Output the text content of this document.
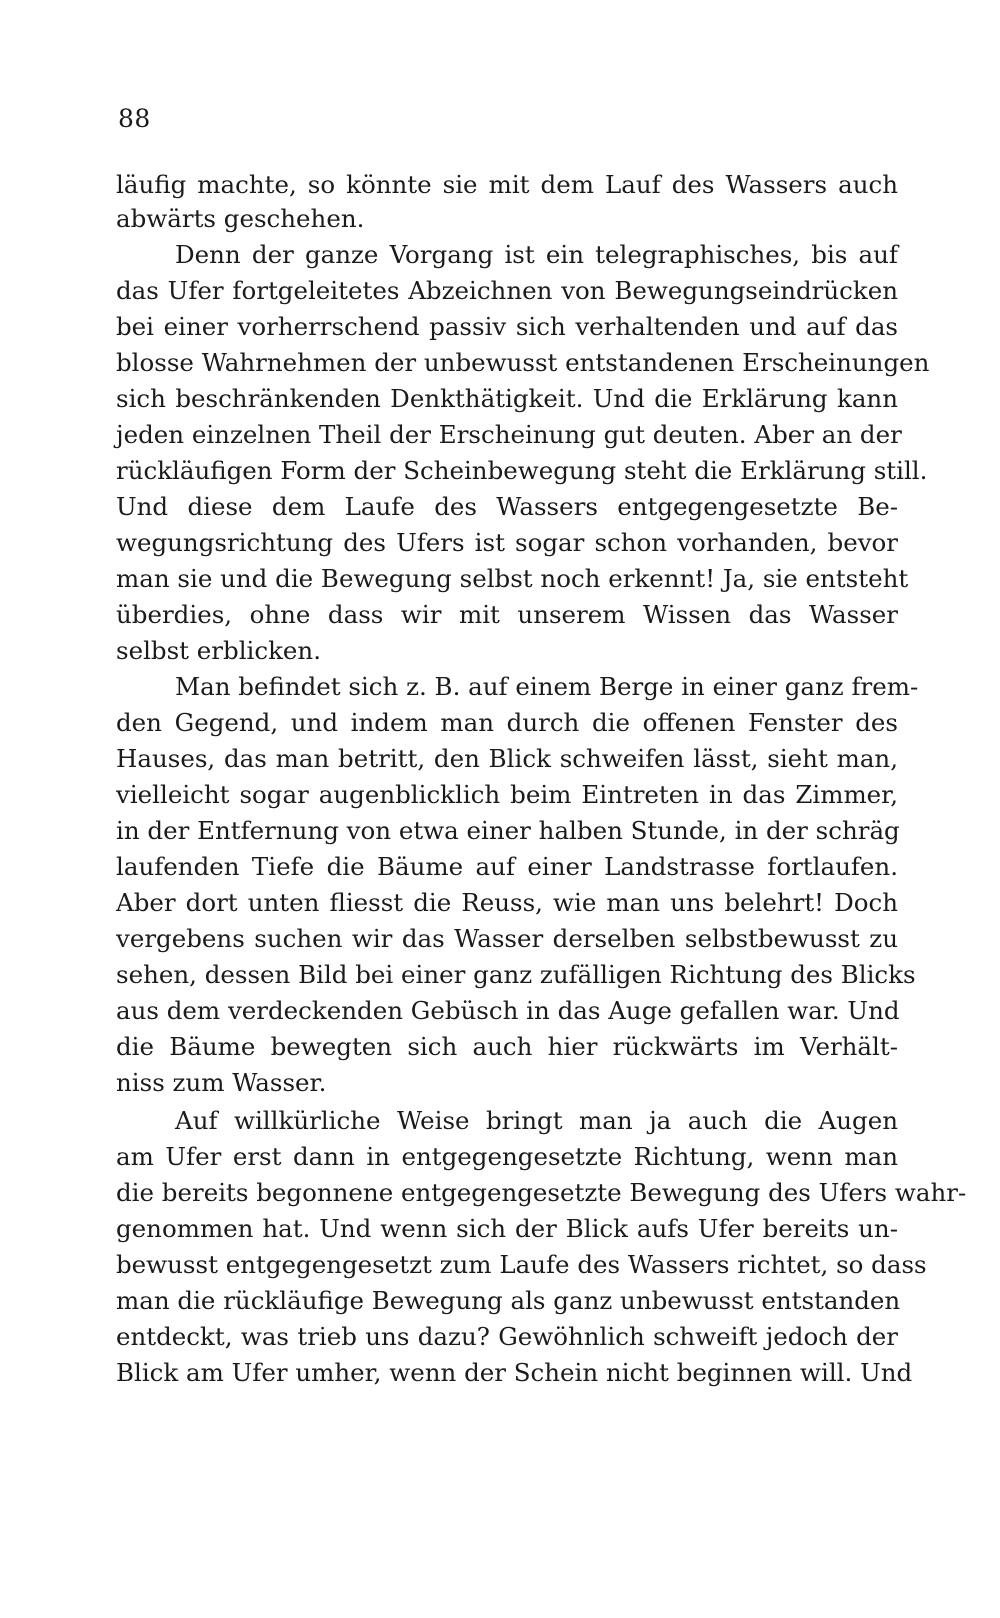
88
läufig machte, so könnte sie mit dem Lauf des Wassers auch
abwärts geschehen.
Denn der ganze Vorgang ist ein telegraphisches, bis auf
das Ufer fortgeleitetes Abzeichnen von Bewegungseindrücken
bei einer vorherrschend passiv sich verhaltenden und auf das
blosse Wahrnehmen der unbewusst entstandenen Erscheinungen
sich beschränkenden Denkthätigkeit. Und die Erklärung kann
jeden einzelnen Theil der Erscheinung gut deuten. Aber an der
rückläufigen Form der Scheinbewegung steht die Erklärung still.
Und diese dem Laufe des Wassers entgegengesetzte Be-
wegungsrichtung des Ufers ist sogar schon vorhanden, bevor
man sie und die Bewegung selbst noch erkennt! Ja, sie entsteht
überdies, ohne dass wir mit unserem Wissen das Wasser
selbst erblicken.
Man befindet sich z. B. auf einem Berge in einer ganz frem-
den Gegend, und indem man durch die offenen Fenster des
Hauses, das man betritt, den Blick schweifen lässt, sieht man,
vielleicht sogar augenblicklich beim Eintreten in das Zimmer,
in der Entfernung von etwa einer halben Stunde, in der schräg
laufenden Tiefe die Bäume auf einer Landstrasse fortlaufen.
Aber dort unten fliesst die Reuss, wie man uns belehrt! Doch
vergebens suchen wir das Wasser derselben selbstbewusst zu
sehen, dessen Bild bei einer ganz zufälligen Richtung des Blicks
aus dem verdeckenden Gebüsch in das Auge gefallen war. Und
die Bäume bewegten sich auch hier rückwärts im Verhält-
niss zum Wasser.
Auf willkürliche Weise bringt man ja auch die Augen
am Ufer erst dann in entgegengesetzte Richtung, wenn man
die bereits begonnene entgegengesetzte Bewegung des Ufers wahr-
genommen hat. Und wenn sich der Blick aufs Ufer bereits un-
bewusst entgegengesetzt zum Laufe des Wassers richtet, so dass
man die rückläufige Bewegung als ganz unbewusst entstanden
entdeckt, was trieb uns dazu? Gewöhnlich schweift jedoch der
Blick am Ufer umher, wenn der Schein nicht beginnen will. Und
